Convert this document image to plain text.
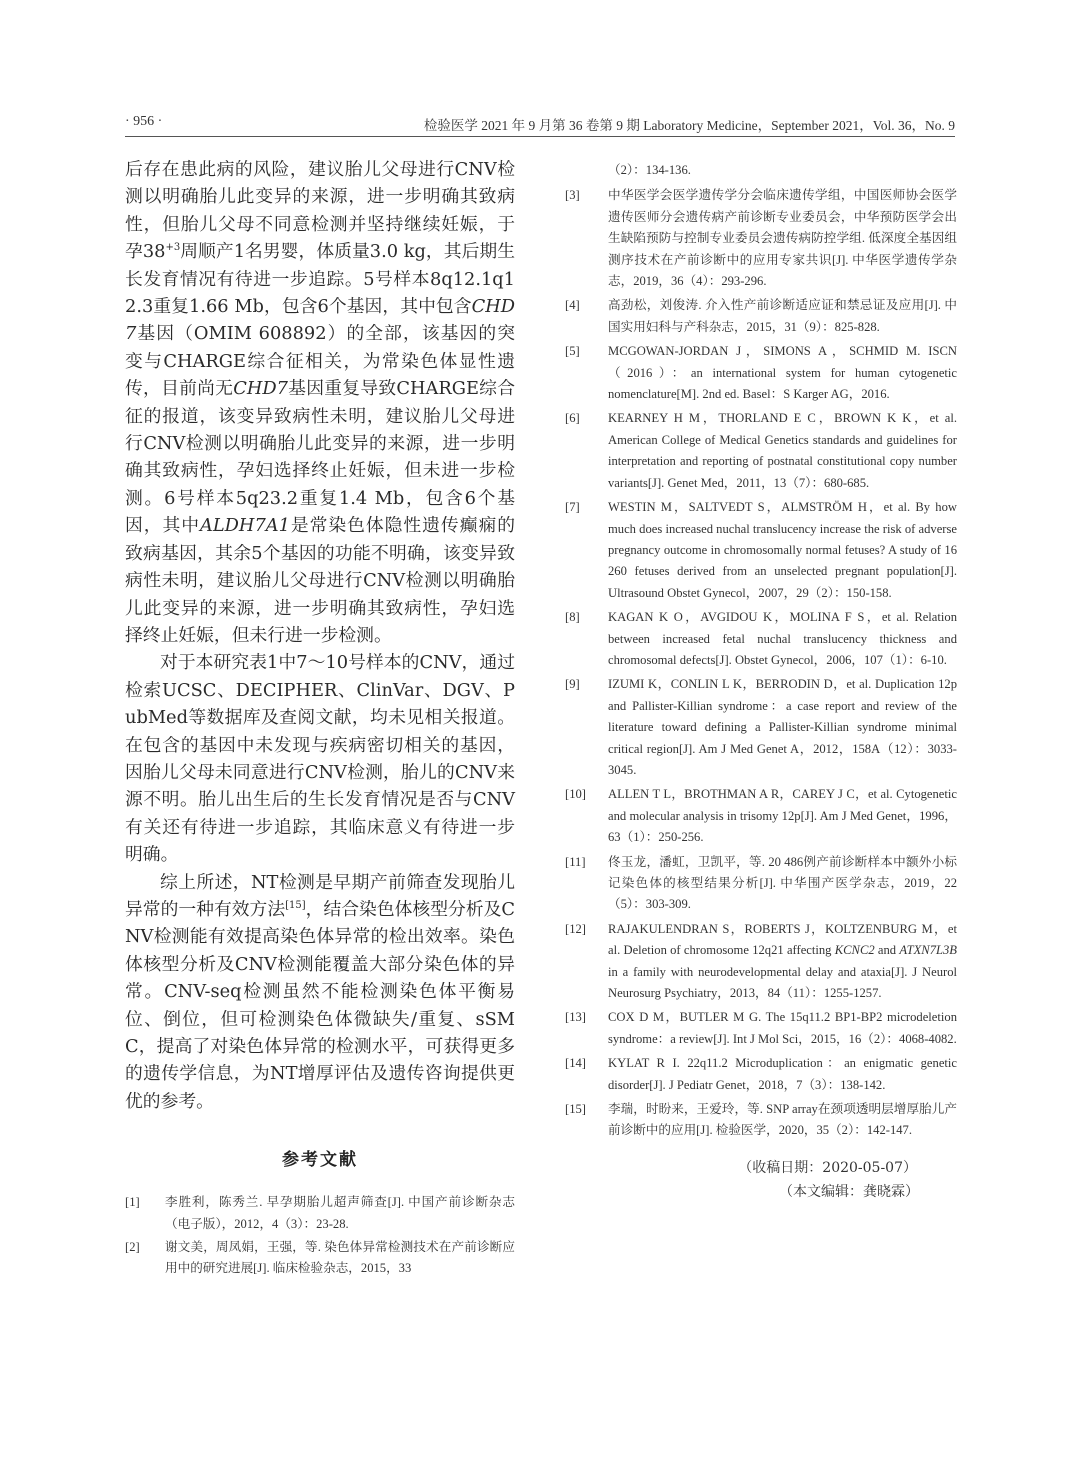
· 956 ·	检验医学 2021 年 9 月第 36 卷第 9 期 Laboratory Medicine，September 2021，Vol. 36，No. 9

后存在患此病的风险，建议胎儿父母进行CNV检测以明确胎儿此变异的来源，进一步明确其致病性，但胎儿父母不同意检测并坚持继续妊娠，于孕$38^{+3}$周顺产1名男婴，体质量3.0 kg，其后期生长发育情况有待进一步追踪。5号样本8q12.1q12.3重复1.66 Mb，包含6个基因，其中包含CHD7基因（OMIM 608892）的全部，该基因的突变与CHARGE综合征相关，为常染色体显性遗传，目前尚无CHD7基因重复导致CHARGE综合征的报道，该变异致病性未明，建议胎儿父母进行CNV检测以明确胎儿此变异的来源，进一步明确其致病性，孕妇选择终止妊娠，但未进一步检测。6号样本5q23.2重复1.4 Mb，包含6个基因，其中ALDH7A1是常染色体隐性遗传癫痫的致病基因，其余5个基因的功能不明确，该变异致病性未明，建议胎儿父母进行CNV检测以明确胎儿此变异的来源，进一步明确其致病性，孕妇选择终止妊娠，但未行进一步检测。

对于本研究表1中7～10号样本的CNV，通过检索UCSC、DECIPHER、ClinVar、DGV、PubMed等数据库及查阅文献，均未见相关报道。在包含的基因中未发现与疾病密切相关的基因，因胎儿父母未同意进行CNV检测，胎儿的CNV来源不明。胎儿出生后的生长发育情况是否与CNV有关还有待进一步追踪，其临床意义有待进一步明确。

综上所述，NT检测是早期产前筛查发现胎儿异常的一种有效方法[15]，结合染色体核型分析及CNV检测能有效提高染色体异常的检出效率。染色体核型分析及CNV检测能覆盖大部分染色体的异常。CNV-seq检测虽然不能检测染色体平衡易位、倒位，但可检测染色体微缺失/重复、sSMC，提高了对染色体异常的检测水平，可获得更多的遗传学信息，为NT增厚评估及遗传咨询提供更优的参考。

参考文献
[1]	李胜利，陈秀兰. 早孕期胎儿超声筛查[J]. 中国产前诊断杂志（电子版），2012，4（3）：23-28.
[2]	谢文美，周凤娟，王强，等. 染色体异常检测技术在产前诊断应用中的研究进展[J]. 临床检验杂志，2015，33
（2）：134-136.
[3]	中华医学会医学遗传学分会临床遗传学组，中国医师协会医学遗传医师分会遗传病产前诊断专业委员会，中华预防医学会出生缺陷预防与控制专业委员会遗传病防控学组. 低深度全基因组测序技术在产前诊断中的应用专家共识[J]. 中华医学遗传学杂志，2019，36（4）：293-296.
[4]	高劲松，刘俊涛. 介入性产前诊断适应证和禁忌证及应用[J]. 中国实用妇科与产科杂志，2015，31（9）：825-828.
[5]	MCGOWAN-JORDAN J，SIMONS A，SCHMID M. ISCN（2016）：an international system for human cytogenetic nomenclature[M]. 2nd ed. Basel：S Karger AG，2016.
[6]	KEARNEY H M，THORLAND E C，BROWN K K，et al. American College of Medical Genetics standards and guidelines for interpretation and reporting of postnatal constitutional copy number variants[J]. Genet Med，2011，13（7）：680-685.
[7]	WESTIN M，SALTVEDT S，ALMSTRÖM H，et al. By how much does increased nuchal translucency increase the risk of adverse pregnancy outcome in chromosomally normal fetuses? A study of 16 260 fetuses derived from an unselected pregnant population[J]. Ultrasound Obstet Gynecol，2007，29（2）：150-158.
[8]	KAGAN K O，AVGIDOU K，MOLINA F S，et al. Relation between increased fetal nuchal translucency thickness and chromosomal defects[J]. Obstet Gynecol，2006，107（1）：6-10.
[9]	IZUMI K，CONLIN L K，BERRODIN D，et al. Duplication 12p and Pallister-Killian syndrome：a case report and review of the literature toward defining a Pallister-Killian syndrome minimal critical region[J]. Am J Med Genet A，2012，158A（12）：3033-3045.
[10]	ALLEN T L，BROTHMAN A R，CAREY J C，et al. Cytogenetic and molecular analysis in trisomy 12p[J]. Am J Med Genet，1996，63（1）：250-256.
[11]	佟玉龙，潘虹，卫凯平，等. 20 486例产前诊断样本中额外小标记染色体的核型结果分析[J]. 中华围产医学杂志，2019，22（5）：303-309.
[12]	RAJAKULENDRAN S，ROBERTS J，KOLTZENBURG M，et al. Deletion of chromosome 12q21 affecting KCNC2 and ATXN7L3B in a family with neurodevelopmental delay and ataxia[J]. J Neurol Neurosurg Psychiatry，2013，84（11）：1255-1257.
[13]	COX D M，BUTLER M G. The 15q11.2 BP1-BP2 microdeletion syndrome：a review[J]. Int J Mol Sci，2015，16（2）：4068-4082.
[14]	KYLAT R I. 22q11.2 Microduplication：an enigmatic genetic disorder[J]. J Pediatr Genet，2018，7（3）：138-142.
[15]	李瑞，时盼来，王爱玲，等. SNP array在颈项透明层增厚胎儿产前诊断中的应用[J]. 检验医学，2020，35（2）：142-147.
（收稿日期：2020-05-07）
（本文编辑：龚晓霖）
